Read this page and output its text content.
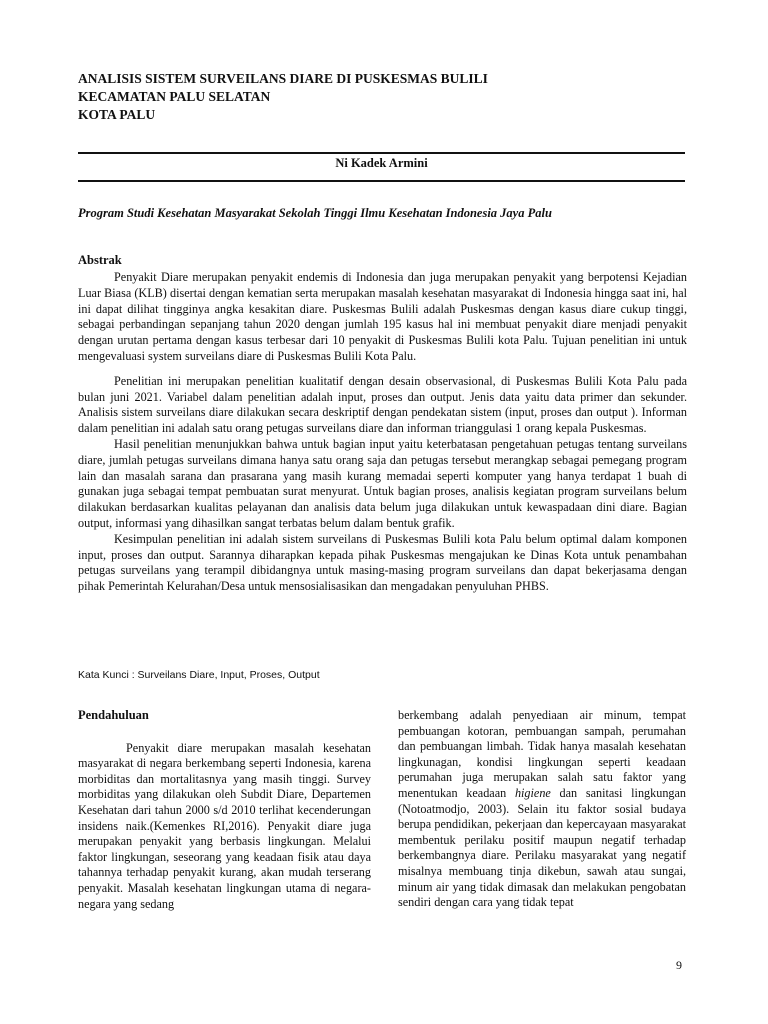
ANALISIS SISTEM SURVEILANS DIARE DI PUSKESMAS BULILI
KECAMATAN PALU SELATAN
KOTA PALU
Ni Kadek Armini
Program Studi Kesehatan Masyarakat Sekolah Tinggi Ilmu Kesehatan Indonesia Jaya Palu
Abstrak

Penyakit Diare merupakan penyakit endemis di Indonesia dan juga merupakan penyakit yang berpotensi Kejadian Luar Biasa (KLB) disertai dengan kematian serta merupakan masalah kesehatan masyarakat di Indonesia hingga saat ini, hal ini dapat dilihat tingginya angka kesakitan diare. Puskesmas Bulili adalah Puskesmas dengan kasus diare cukup tinggi, sebagai perbandingan sepanjang tahun 2020 dengan jumlah 195 kasus hal ini membuat penyakit diare menjadi penyakit dengan urutan pertama dengan kasus terbesar dari 10 penyakit di Puskesmas Bulili kota Palu. Tujuan penelitian ini untuk mengevaluasi system surveilans diare di Puskesmas Bulili Kota Palu.

Penelitian ini merupakan penelitian kualitatif dengan desain observasional, di Puskesmas Bulili Kota Palu pada bulan juni 2021. Variabel dalam penelitian adalah input, proses dan output. Jenis data yaitu data primer dan sekunder. Analisis sistem surveilans diare dilakukan secara deskriptif dengan pendekatan sistem (input, proses dan output ). Informan dalam penelitian ini adalah satu orang petugas surveilans diare dan informan trianggulasi 1 orang kepala Puskesmas.

Hasil penelitian menunjukkan bahwa untuk bagian input yaitu keterbatasan pengetahuan petugas tentang surveilans diare, jumlah petugas surveilans dimana hanya satu orang saja dan petugas tersebut merangkap sebagai pemegang program lain dan masalah sarana dan prasarana yang masih kurang memadai seperti komputer yang hanya terdapat 1 buah di gunakan juga sebagai tempat pembuatan surat menyurat. Untuk bagian proses, analisis kegiatan program surveilans belum dilakukan berdasarkan kualitas pelayanan dan analisis data belum juga dilakukan untuk kewaspadaan dini diare. Bagian output, informasi yang dihasilkan sangat terbatas belum dalam bentuk grafik.

Kesimpulan penelitian ini adalah sistem surveilans di Puskesmas Bulili kota Palu belum optimal dalam komponen input, proses dan output. Sarannya diharapkan kepada pihak Puskesmas mengajukan ke Dinas Kota untuk penambahan petugas surveilans yang terampil dibidangnya untuk masing-masing program surveilans dan dapat bekerjasama dengan pihak Pemerintah Kelurahan/Desa untuk mensosialisasikan dan mengadakan penyuluhan PHBS.

Kata Kunci : Surveilans Diare, Input, Proses, Output
Pendahuluan

Penyakit diare merupakan masalah kesehatan masyarakat di negara berkembang seperti Indonesia, karena morbiditas dan mortalitasnya yang masih tinggi. Survey morbiditas yang dilakukan oleh Subdit Diare, Departemen Kesehatan dari tahun 2000 s/d 2010 terlihat kecenderungan insidens naik.(Kemenkes RI,2016). Penyakit diare juga merupakan penyakit yang berbasis lingkungan. Melalui faktor lingkungan, seseorang yang keadaan fisik atau daya tahannya terhadap penyakit kurang, akan mudah terserang penyakit. Masalah kesehatan lingkungan utama di negara-negara yang sedang

berkembang adalah penyediaan air minum, tempat pembuangan kotoran, pembuangan sampah, perumahan dan pembuangan limbah. Tidak hanya masalah kesehatan lingkunagan, kondisi lingkungan seperti keadaan perumahan juga merupakan salah satu faktor yang menentukan keadaan higiene dan sanitasi lingkungan (Notoatmodjo, 2003). Selain itu faktor sosial budaya berupa pendidikan, pekerjaan dan kepercayaan masyarakat membentuk perilaku positif maupun negatif terhadap berkembangnya diare. Perilaku masyarakat yang negatif misalnya membuang tinja dikebun, sawah atau sungai, minum air yang tidak dimasak dan melakukan pengobatan sendiri dengan cara yang tidak tepat

9
